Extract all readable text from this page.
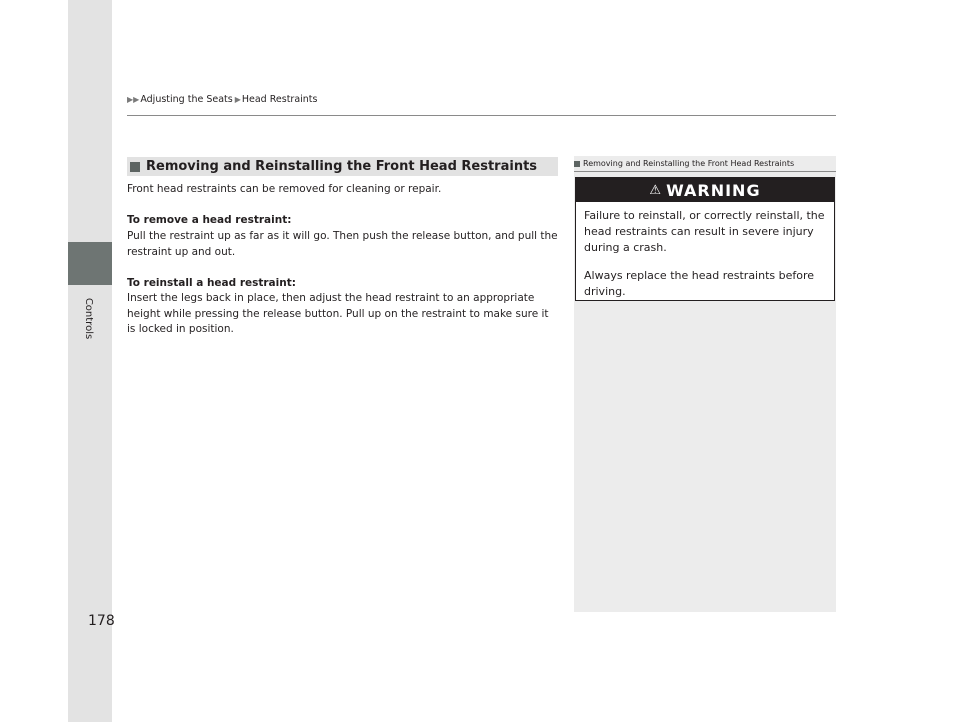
Controls
178
▶▶ Adjusting the Seats ▶ Head Restraints
Removing and Reinstalling the Front Head Restraints
Front head restraints can be removed for cleaning or repair.
To remove a head restraint:
Pull the restraint up as far as it will go. Then push the release button, and pull the restraint up and out.
To reinstall a head restraint:
Insert the legs back in place, then adjust the head restraint to an appropriate height while pressing the release button. Pull up on the restraint to make sure it is locked in position.
Removing and Reinstalling the Front Head Restraints
⚠ WARNING

Failure to reinstall, or correctly reinstall, the head restraints can result in severe injury during a crash.

Always replace the head restraints before driving.
